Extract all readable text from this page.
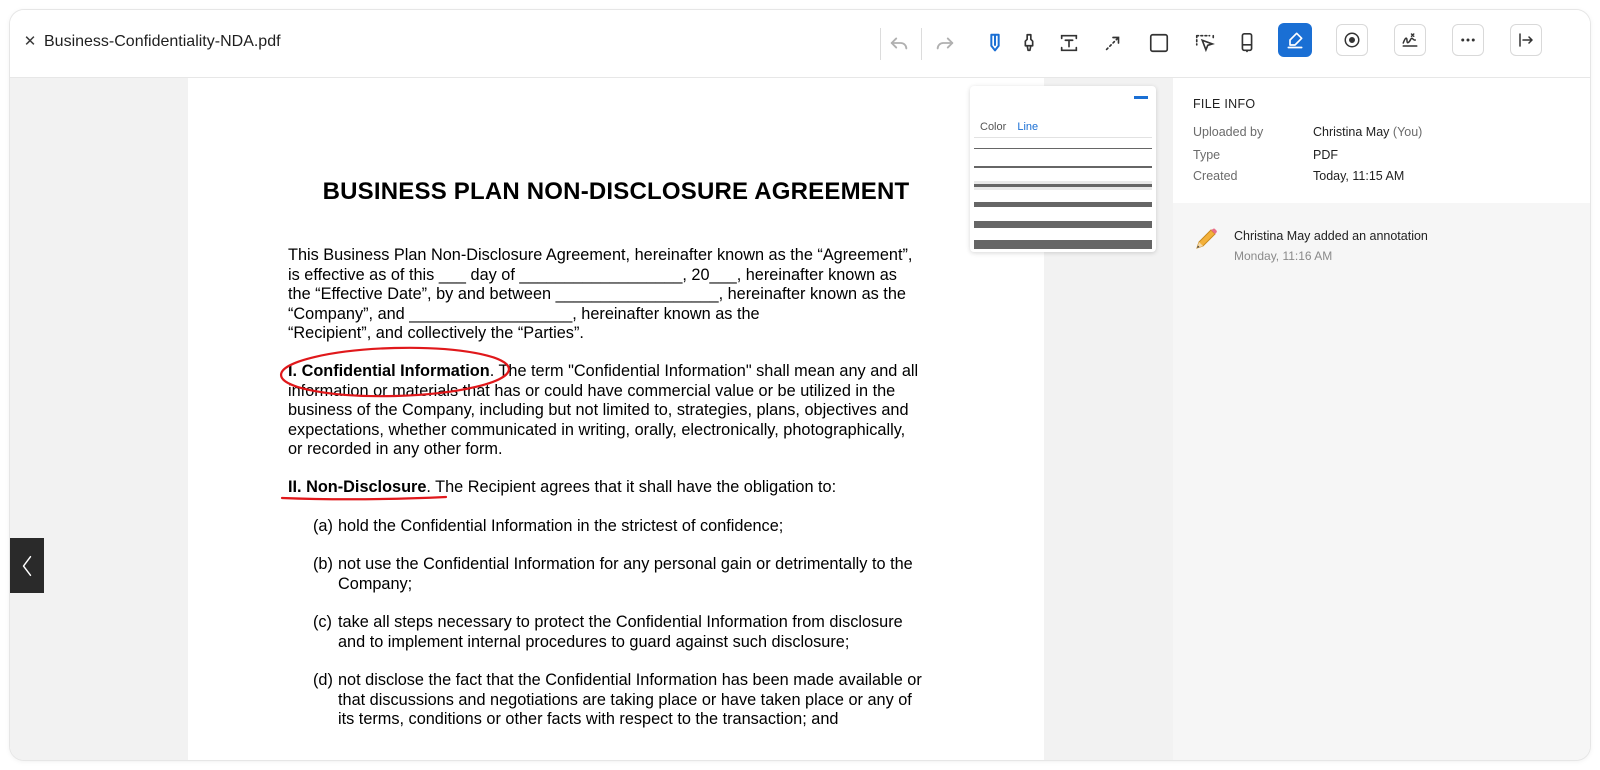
✕ Business-Confidentiality-NDA.pdf
BUSINESS PLAN NON-DISCLOSURE AGREEMENT
This Business Plan Non-Disclosure Agreement, hereinafter known as the “Agreement”,
is effective as of this ___ day of __________________, 20___, hereinafter known as
the “Effective Date”, by and between __________________, hereinafter known as the
“Company”, and __________________, hereinafter known as the
“Recipient”, and collectively the “Parties”.
I. Confidential Information. The term "Confidential Information" shall mean any and all
information or materials that has or could have commercial value or be utilized in the
business of the Company, including but not limited to, strategies, plans, objectives and
expectations, whether communicated in writing, orally, electronically, photographically,
or recorded in any other form.
II. Non-Disclosure. The Recipient agrees that it shall have the obligation to:
(a) hold the Confidential Information in the strictest of confidence;
(b) not use the Confidential Information for any personal gain or detrimentally to the
Company;
(c) take all steps necessary to protect the Confidential Information from disclosure
and to implement internal procedures to guard against such disclosure;
(d) not disclose the fact that the Confidential Information has been made available or
that discussions and negotiations are taking place or have taken place or any of
its terms, conditions or other facts with respect to the transaction; and
Color Line
FILE INFO
Uploaded by	Christina May (You)
Type	PDF
Created	Today, 11:15 AM
Christina May added an annotation
Monday, 11:16 AM
